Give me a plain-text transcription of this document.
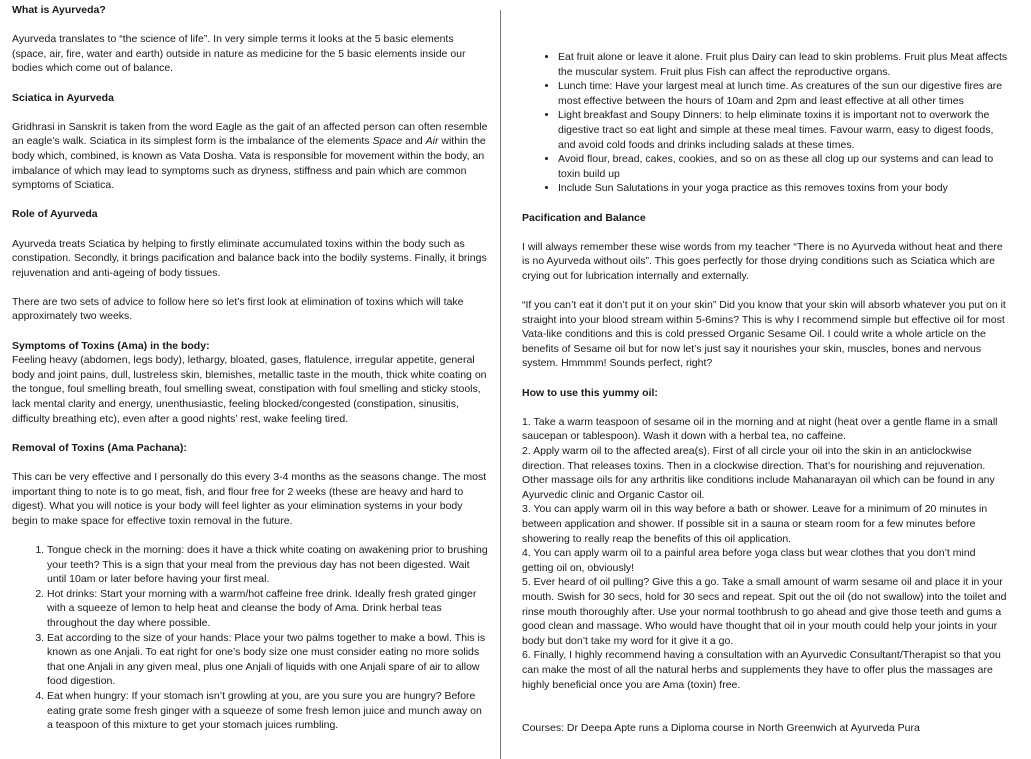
What is Ayurveda?

Ayurveda translates to “the science of life”. In very simple terms it looks at the 5 basic elements (space, air, fire, water and earth) outside in nature as medicine for the 5 basic elements inside our bodies which come out of balance.

Sciatica in Ayurveda

Gridhrasi in Sanskrit is taken from the word Eagle as the gait of an affected person can often resemble an eagle’s walk. Sciatica in its simplest form is the imbalance of the elements Space and Air within the body which, combined, is known as Vata Dosha. Vata is responsible for movement within the body, an imbalance of which may lead to symptoms such as dryness, stiffness and pain which are common symptoms of Sciatica.

Role of Ayurveda

Ayurveda treats Sciatica by helping to firstly eliminate accumulated toxins within the body such as constipation. Secondly, it brings pacification and balance back into the bodily systems. Finally, it brings rejuvenation and anti-ageing of body tissues.

There are two sets of advice to follow here so let’s first look at elimination of toxins which will take approximately two weeks.

Symptoms of Toxins (Ama) in the body:

Feeling heavy (abdomen, legs body), lethargy, bloated, gases, flatulence, irregular appetite, general body and joint pains, dull, lustreless skin, blemishes, metallic taste in the mouth, thick white coating on the tongue, foul smelling breath, foul smelling sweat, constipation with foul smelling and sticky stools, lack mental clarity and energy, unenthusiastic, feeling blocked/congested (constipation, sinusitis, difficulty breathing etc), even after a good nights’ rest, wake feeling tired.

Removal of Toxins (Ama Pachana):

This can be very effective and I personally do this every 3-4 months as the seasons change. The most important thing to note is to go meat, fish, and flour free for 2 weeks (these are heavy and hard to digest). What you will notice is your body will feel lighter as your elimination systems in your body begin to make space for effective toxin removal in the future.

1. Tongue check in the morning: does it have a thick white coating on awakening prior to brushing your teeth? This is a sign that your meal from the previous day has not been digested. Wait until 10am or later before having your first meal.
2. Hot drinks: Start your morning with a warm/hot caffeine free drink. Ideally fresh grated ginger with a squeeze of lemon to help heat and cleanse the body of Ama. Drink herbal teas throughout the day where possible.
3. Eat according to the size of your hands: Place your two palms together to make a bowl. This is known as one Anjali. To eat right for one’s body size one must consider eating no more solids that one Anjali in any given meal, plus one Anjali of liquids with one Anjali spare of air to allow food digestion.
4. Eat when hungry: If your stomach isn’t growling at you, are you sure you are hungry? Before eating grate some fresh ginger with a squeeze of some fresh lemon juice and munch away on a teaspoon of this mixture to get your stomach juices rumbling.
• Eat fruit alone or leave it alone. Fruit plus Dairy can lead to skin problems. Fruit plus Meat affects the muscular system. Fruit plus Fish can affect the reproductive organs.
• Lunch time: Have your largest meal at lunch time. As creatures of the sun our digestive fires are most effective between the hours of 10am and 2pm and least effective at all other times
• Light breakfast and Soupy Dinners: to help eliminate toxins it is important not to overwork the digestive tract so eat light and simple at these meal times. Favour warm, easy to digest foods, and avoid cold foods and drinks including salads at these times.
• Avoid flour, bread, cakes, cookies, and so on as these all clog up our systems and can lead to toxin build up
• Include Sun Salutations in your yoga practice as this removes toxins from your body
Pacification and Balance

I will always remember these wise words from my teacher “There is no Ayurveda without heat and there is no Ayurveda without oils”. This goes perfectly for those drying conditions such as Sciatica which are crying out for lubrication internally and externally.

“If you can’t eat it don’t put it on your skin” Did you know that your skin will absorb whatever you put on it straight into your blood stream within 5-6mins? This is why I recommend simple but effective oil for most Vata-like conditions and this is cold pressed Organic Sesame Oil. I could write a whole article on the benefits of Sesame oil but for now let’s just say it nourishes your skin, muscles, bones and nervous system. Hmmmm! Sounds perfect, right?

How to use this yummy oil:

1. Take a warm teaspoon of sesame oil in the morning and at night (heat over a gentle flame in a small saucepan or tablespoon). Wash it down with a herbal tea, no caffeine.

2. Apply warm oil to the affected area(s). First of all circle your oil into the skin in an anticlockwise direction. That releases toxins. Then in a clockwise direction. That’s for nourishing and rejuvenation. Other massage oils for any arthritis like conditions include Mahanarayan oil which can be found in any Ayurvedic clinic and Organic Castor oil.

3. You can apply warm oil in this way before a bath or shower. Leave for a minimum of 20 minutes in between application and shower. If possible sit in a sauna or steam room for a few minutes before showering to really reap the benefits of this oil application.

4. You can apply warm oil to a painful area before yoga class but wear clothes that you don’t mind getting oil on, obviously!

5. Ever heard of oil pulling? Give this a go. Take a small amount of warm sesame oil and place it in your mouth. Swish for 30 secs, hold for 30 secs and repeat. Spit out the oil (do not swallow) into the toilet and rinse mouth thoroughly after. Use your normal toothbrush to go ahead and give those teeth and gums a good clean and massage. Who would have thought that oil in your mouth could help your joints in your body but don’t take my word for it give it a go.

6. Finally, I highly recommend having a consultation with an Ayurvedic Consultant/Therapist so that you can make the most of all the natural herbs and supplements they have to offer plus the massages are highly beneficial once you are Ama (toxin) free.

Courses: Dr Deepa Apte runs a Diploma course in North Greenwich at Ayurveda Pura
